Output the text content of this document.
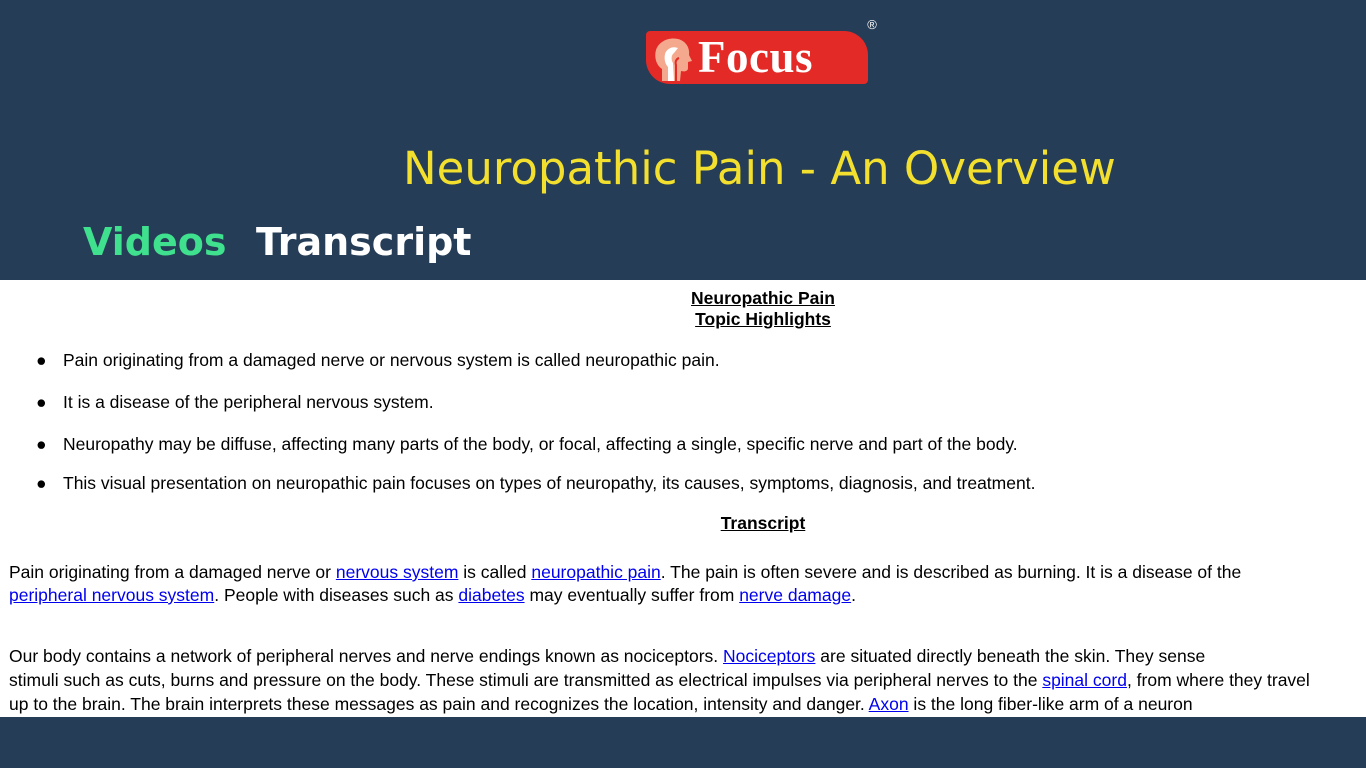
Focus
®
Neuropathic Pain - An Overview
Videos Transcript
Neuropathic Pain
Topic Highlights
● Pain originating from a damaged nerve or nervous system is called neuropathic pain.
● It is a disease of the peripheral nervous system.
● Neuropathy may be diffuse, affecting many parts of the body, or focal, affecting a single, specific nerve and part of the body.
● This visual presentation on neuropathic pain focuses on types of neuropathy, its causes, symptoms, diagnosis, and treatment.
Transcript
Pain originating from a damaged nerve or nervous system is called neuropathic pain. The pain is often severe and is described as burning. It is a disease of the
peripheral nervous system. People with diseases such as diabetes may eventually suffer from nerve damage.
Our body contains a network of peripheral nerves and nerve endings known as nociceptors. Nociceptors are situated directly beneath the skin. They sense
stimuli such as cuts, burns and pressure on the body. These stimuli are transmitted as electrical impulses via peripheral nerves to the spinal cord, from where they travel
up to the brain. The brain interprets these messages as pain and recognizes the location, intensity and danger. Axon is the long fiber-like arm of a neuron
